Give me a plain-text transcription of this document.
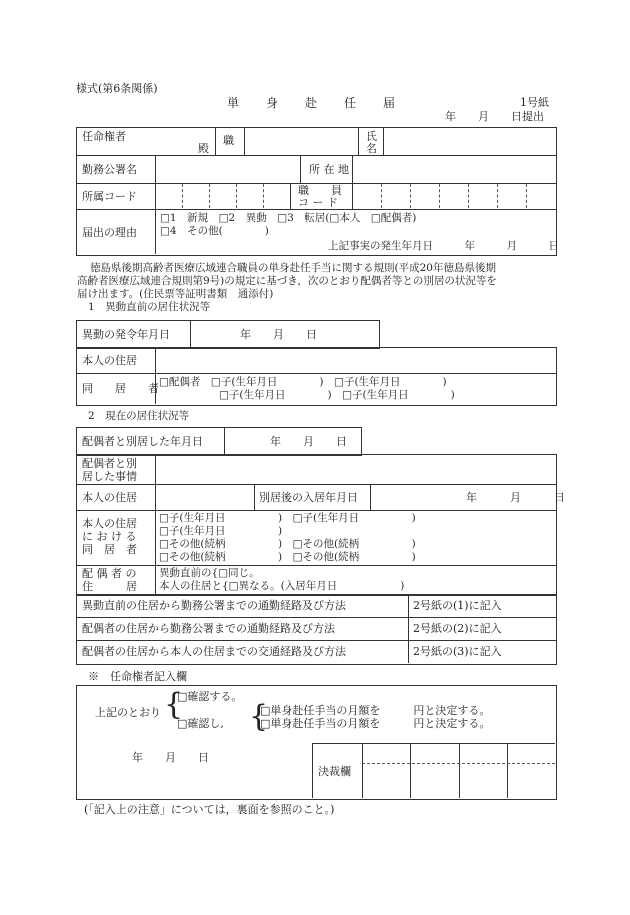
様式(第6条関係)
単　　身　　赴　　任　　届	1号紙
年　　月　　日提出
任命権者
殿
職	氏
名
勤務公署名	所 在 地
所属コード	職　　員
コ ー ド
届出の理由
□1　新規　□2　異動　□3　転居(□本人　□配偶者)
□4　その他(　　　　)
上記事実の発生年月日　　　年　　　月　　　日
徳島県後期高齢者医療広域連合職員の単身赴任手当に関する規則(平成20年徳島県後期
高齢者医療広域連合規則第9号)の規定に基づき，次のとおり配偶者等との別居の状況等を
届け出ます。(住民票等証明書類　通添付)
1　異動直前の居住状況等
異動の発令年月日	年　　月　　日
本人の住居
同　　居　　者 □配偶者　□子(生年月日　　　　)　□子(生年月日　　　　)
□子(生年月日　　　　)　□子(生年月日　　　　)
2　現在の居住状況等
配偶者と別居した年月日	年　　月　　日
配偶者と別
居した事情
本人の住居	別居後の入居年月日	年　　　月　　　日
本人の住居
に お け る
同　居　者
□子(生年月日　　　　　)　□子(生年月日　　　　　)
□子(生年月日　　　　　)
□その他(続柄　　　　　)　□その他(続柄　　　　　)
□その他(続柄　　　　　)　□その他(続柄　　　　　)
配 偶 者 の
住　　　居
異動直前の{□同じ。
本人の住居と{□異なる。(入居年月日　　　　　　)
異動直前の住居から勤務公署までの通勤経路及び方法	2号紙の(1)に記入
配偶者の住居から勤務公署までの通勤経路及び方法	2号紙の(2)に記入
配偶者の住居から本人の住居までの交通経路及び方法	2号紙の(3)に記入
※　任命権者記入欄
上記のとおり {
□確認する。
□確認し, {
□単身赴任手当の月額を　　　円と決定する。
□単身赴任手当の月額を　　　円と決定する。
年　　月　　日
決裁欄
(「記入上の注意」については，裏面を参照のこと。)
